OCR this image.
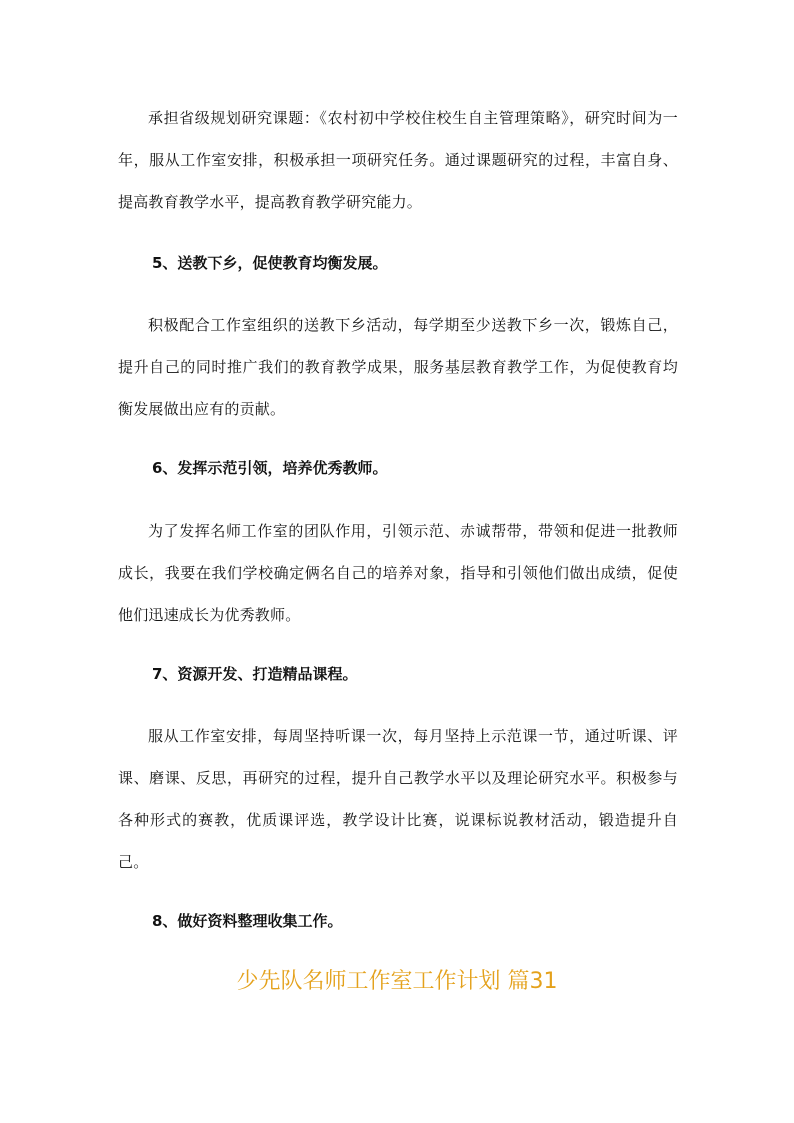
承担省级规划研究课题：《农村初中学校住校生自主管理策略》，研究时间为一年，服从工作室安排，积极承担一项研究任务。通过课题研究的过程，丰富自身、提高教育教学水平，提高教育教学研究能力。

5、送教下乡，促使教育均衡发展。

积极配合工作室组织的送教下乡活动，每学期至少送教下乡一次，锻炼自己，提升自己的同时推广我们的教育教学成果，服务基层教育教学工作，为促使教育均衡发展做出应有的贡献。

6、发挥示范引领，培养优秀教师。

为了发挥名师工作室的团队作用，引领示范、赤诚帮带，带领和促进一批教师成长，我要在我们学校确定俩名自己的培养对象，指导和引领他们做出成绩，促使他们迅速成长为优秀教师。

7、资源开发、打造精品课程。

服从工作室安排，每周坚持听课一次，每月坚持上示范课一节，通过听课、评课、磨课、反思，再研究的过程，提升自己教学水平以及理论研究水平。积极参与各种形式的赛教，优质课评选，教学设计比赛，说课标说教材活动，锻造提升自己。

8、做好资料整理收集工作。

少先队名师工作室工作计划 篇31
